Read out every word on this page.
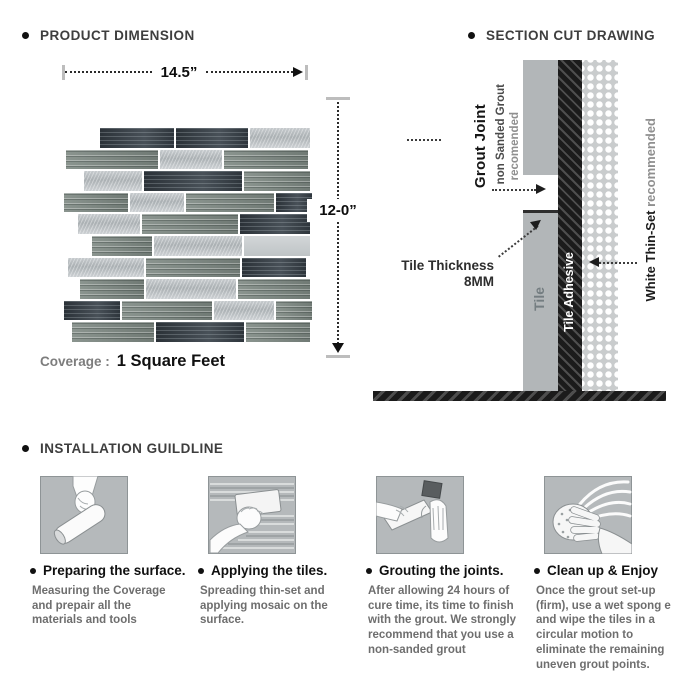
PRODUCT DIMENSION
14.5”
12-0”
Coverage : 1 Square Feet
SECTION CUT DRAWING
Grout Joint non Sanded Grout recomended
Tile Thickness
8MM
Tile Tile Adhesive	White Thin-Set recommended
INSTALLATION GUILDLINE
Preparing the surface.
Measuring the Coverage and prepair all the materials and tools
Applying the tiles.
Spreading thin-set and applying mosaic on the surface.
Grouting the joints.
After allowing 24 hours of cure time, its time to finish with the grout. We strongly recommend that you use a non-sanded grout
Clean up & Enjoy
Once the grout set-up (firm), use a wet spong e and wipe the tiles in a circular motion to eliminate the remaining uneven grout points.
